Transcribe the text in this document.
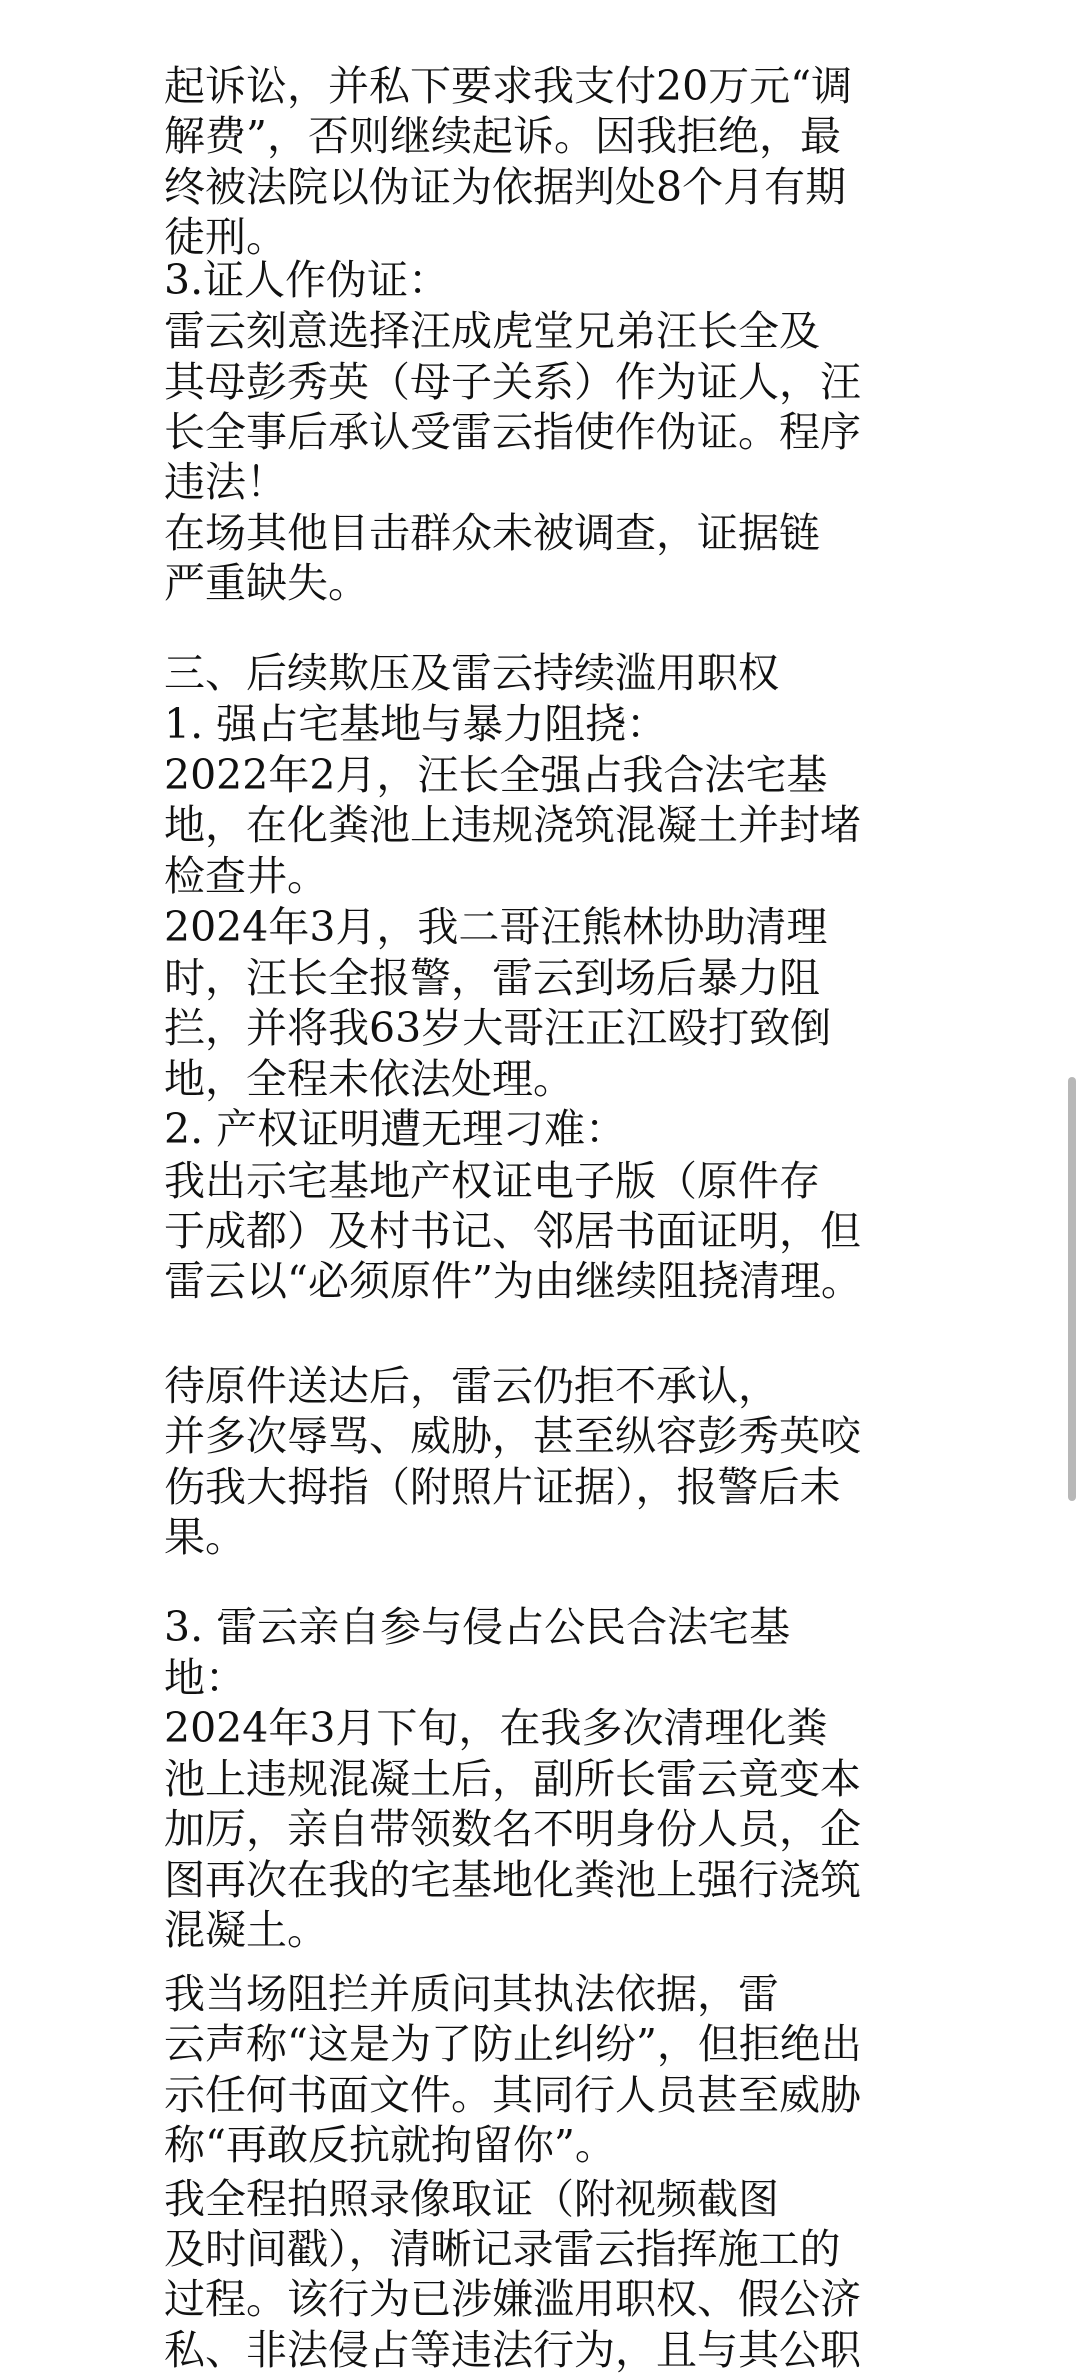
起诉讼，并私下要求我支付20万元“调
解费”，否则继续起诉。因我拒绝，最
终被法院以伪证为依据判处8个月有期
徒刑。
3.证人作伪证：
雷云刻意选择汪成虎堂兄弟汪长全及
其母彭秀英（母子关系）作为证人，汪
长全事后承认受雷云指使作伪证。程序
违法！
在场其他目击群众未被调查，证据链
严重缺失。
三、后续欺压及雷云持续滥用职权
1. 强占宅基地与暴力阻挠：
2022年2月，汪长全强占我合法宅基
地，在化粪池上违规浇筑混凝土并封堵
检查井。
2024年3月，我二哥汪熊林协助清理
时，汪长全报警，雷云到场后暴力阻
拦，并将我63岁大哥汪正江殴打致倒
地，全程未依法处理。
2. 产权证明遭无理刁难：
我出示宅基地产权证电子版（原件存
于成都）及村书记、邻居书面证明，但
雷云以“必须原件”为由继续阻挠清理。
待原件送达后，雷云仍拒不承认，
并多次辱骂、威胁，甚至纵容彭秀英咬
伤我大拇指（附照片证据），报警后未
果。
3. 雷云亲自参与侵占公民合法宅基
地：
2024年3月下旬，在我多次清理化粪
池上违规混凝土后，副所长雷云竟变本
加厉，亲自带领数名不明身份人员，企
图再次在我的宅基地化粪池上强行浇筑
混凝土。
我当场阻拦并质问其执法依据，雷
云声称“这是为了防止纠纷”，但拒绝出
示任何书面文件。其同行人员甚至威胁
称“再敢反抗就拘留你”。
我全程拍照录像取证（附视频截图
及时间戳），清晰记录雷云指挥施工的
过程。该行为已涉嫌滥用职权、假公济
私、非法侵占等违法行为，且与其公职
